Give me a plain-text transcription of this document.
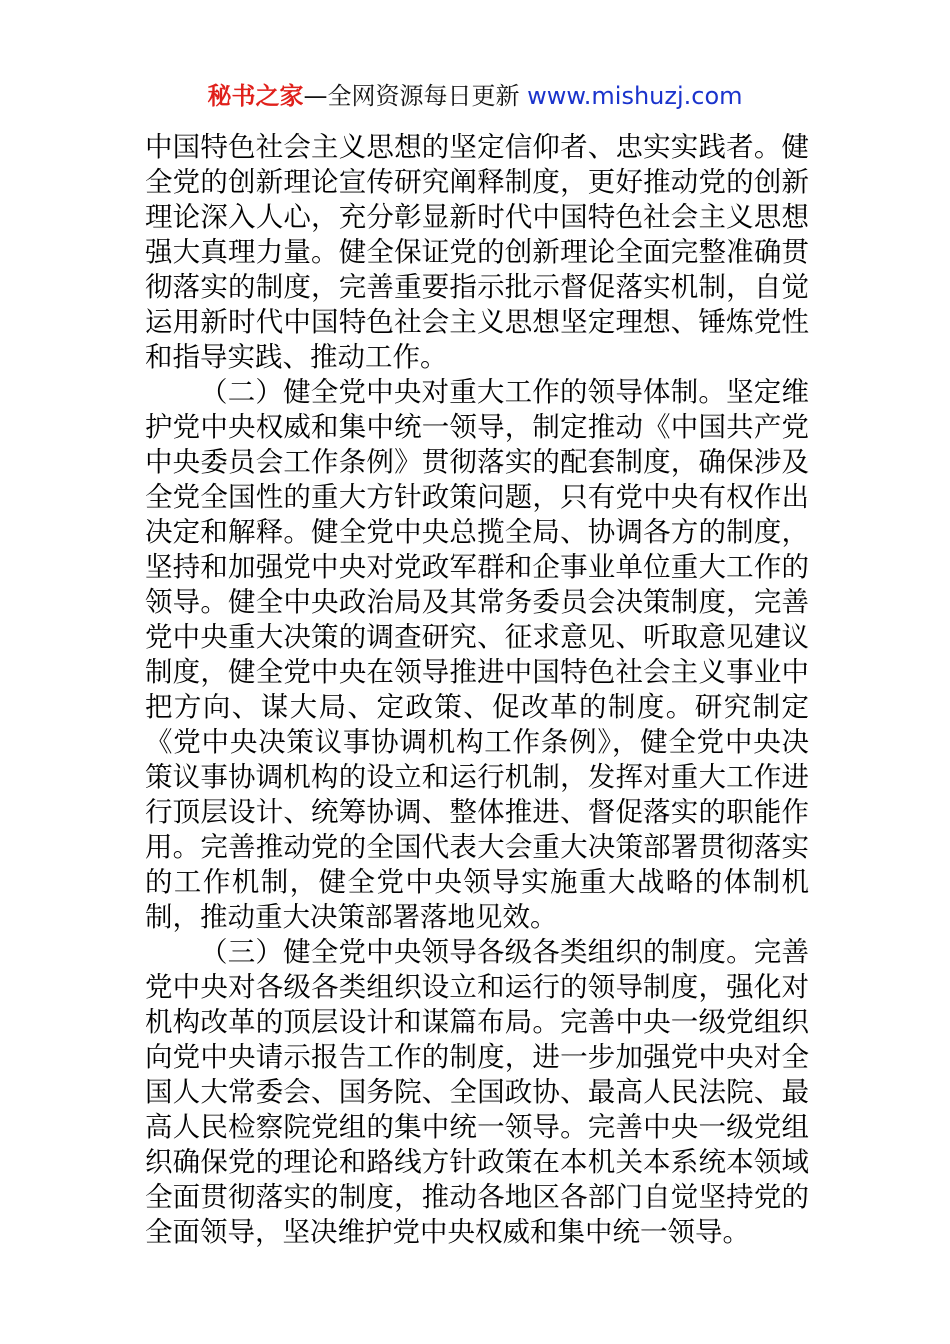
秘书之家—全网资源每日更新 www.mishuzj.com

中国特色社会主义思想的坚定信仰者、忠实实践者。健全党的创新理论宣传研究阐释制度，更好推动党的创新理论深入人心，充分彰显新时代中国特色社会主义思想强大真理力量。健全保证党的创新理论全面完整准确贯彻落实的制度，完善重要指示批示督促落实机制，自觉运用新时代中国特色社会主义思想坚定理想、锤炼党性和指导实践、推动工作。

（二）健全党中央对重大工作的领导体制。坚定维护党中央权威和集中统一领导，制定推动《中国共产党中央委员会工作条例》贯彻落实的配套制度，确保涉及全党全国性的重大方针政策问题，只有党中央有权作出决定和解释。健全党中央总揽全局、协调各方的制度，坚持和加强党中央对党政军群和企事业单位重大工作的领导。健全中央政治局及其常务委员会决策制度，完善党中央重大决策的调查研究、征求意见、听取意见建议制度，健全党中央在领导推进中国特色社会主义事业中把方向、谋大局、定政策、促改革的制度。研究制定《党中央决策议事协调机构工作条例》，健全党中央决策议事协调机构的设立和运行机制，发挥对重大工作进行顶层设计、统筹协调、整体推进、督促落实的职能作用。完善推动党的全国代表大会重大决策部署贯彻落实的工作机制，健全党中央领导实施重大战略的体制机制，推动重大决策部署落地见效。

（三）健全党中央领导各级各类组织的制度。完善党中央对各级各类组织设立和运行的领导制度，强化对机构改革的顶层设计和谋篇布局。完善中央一级党组织向党中央请示报告工作的制度，进一步加强党中央对全国人大常委会、国务院、全国政协、最高人民法院、最高人民检察院党组的集中统一领导。完善中央一级党组织确保党的理论和路线方针政策在本机关本系统本领域全面贯彻落实的制度，推动各地区各部门自觉坚持党的全面领导，坚决维护党中央权威和集中统一领导。
